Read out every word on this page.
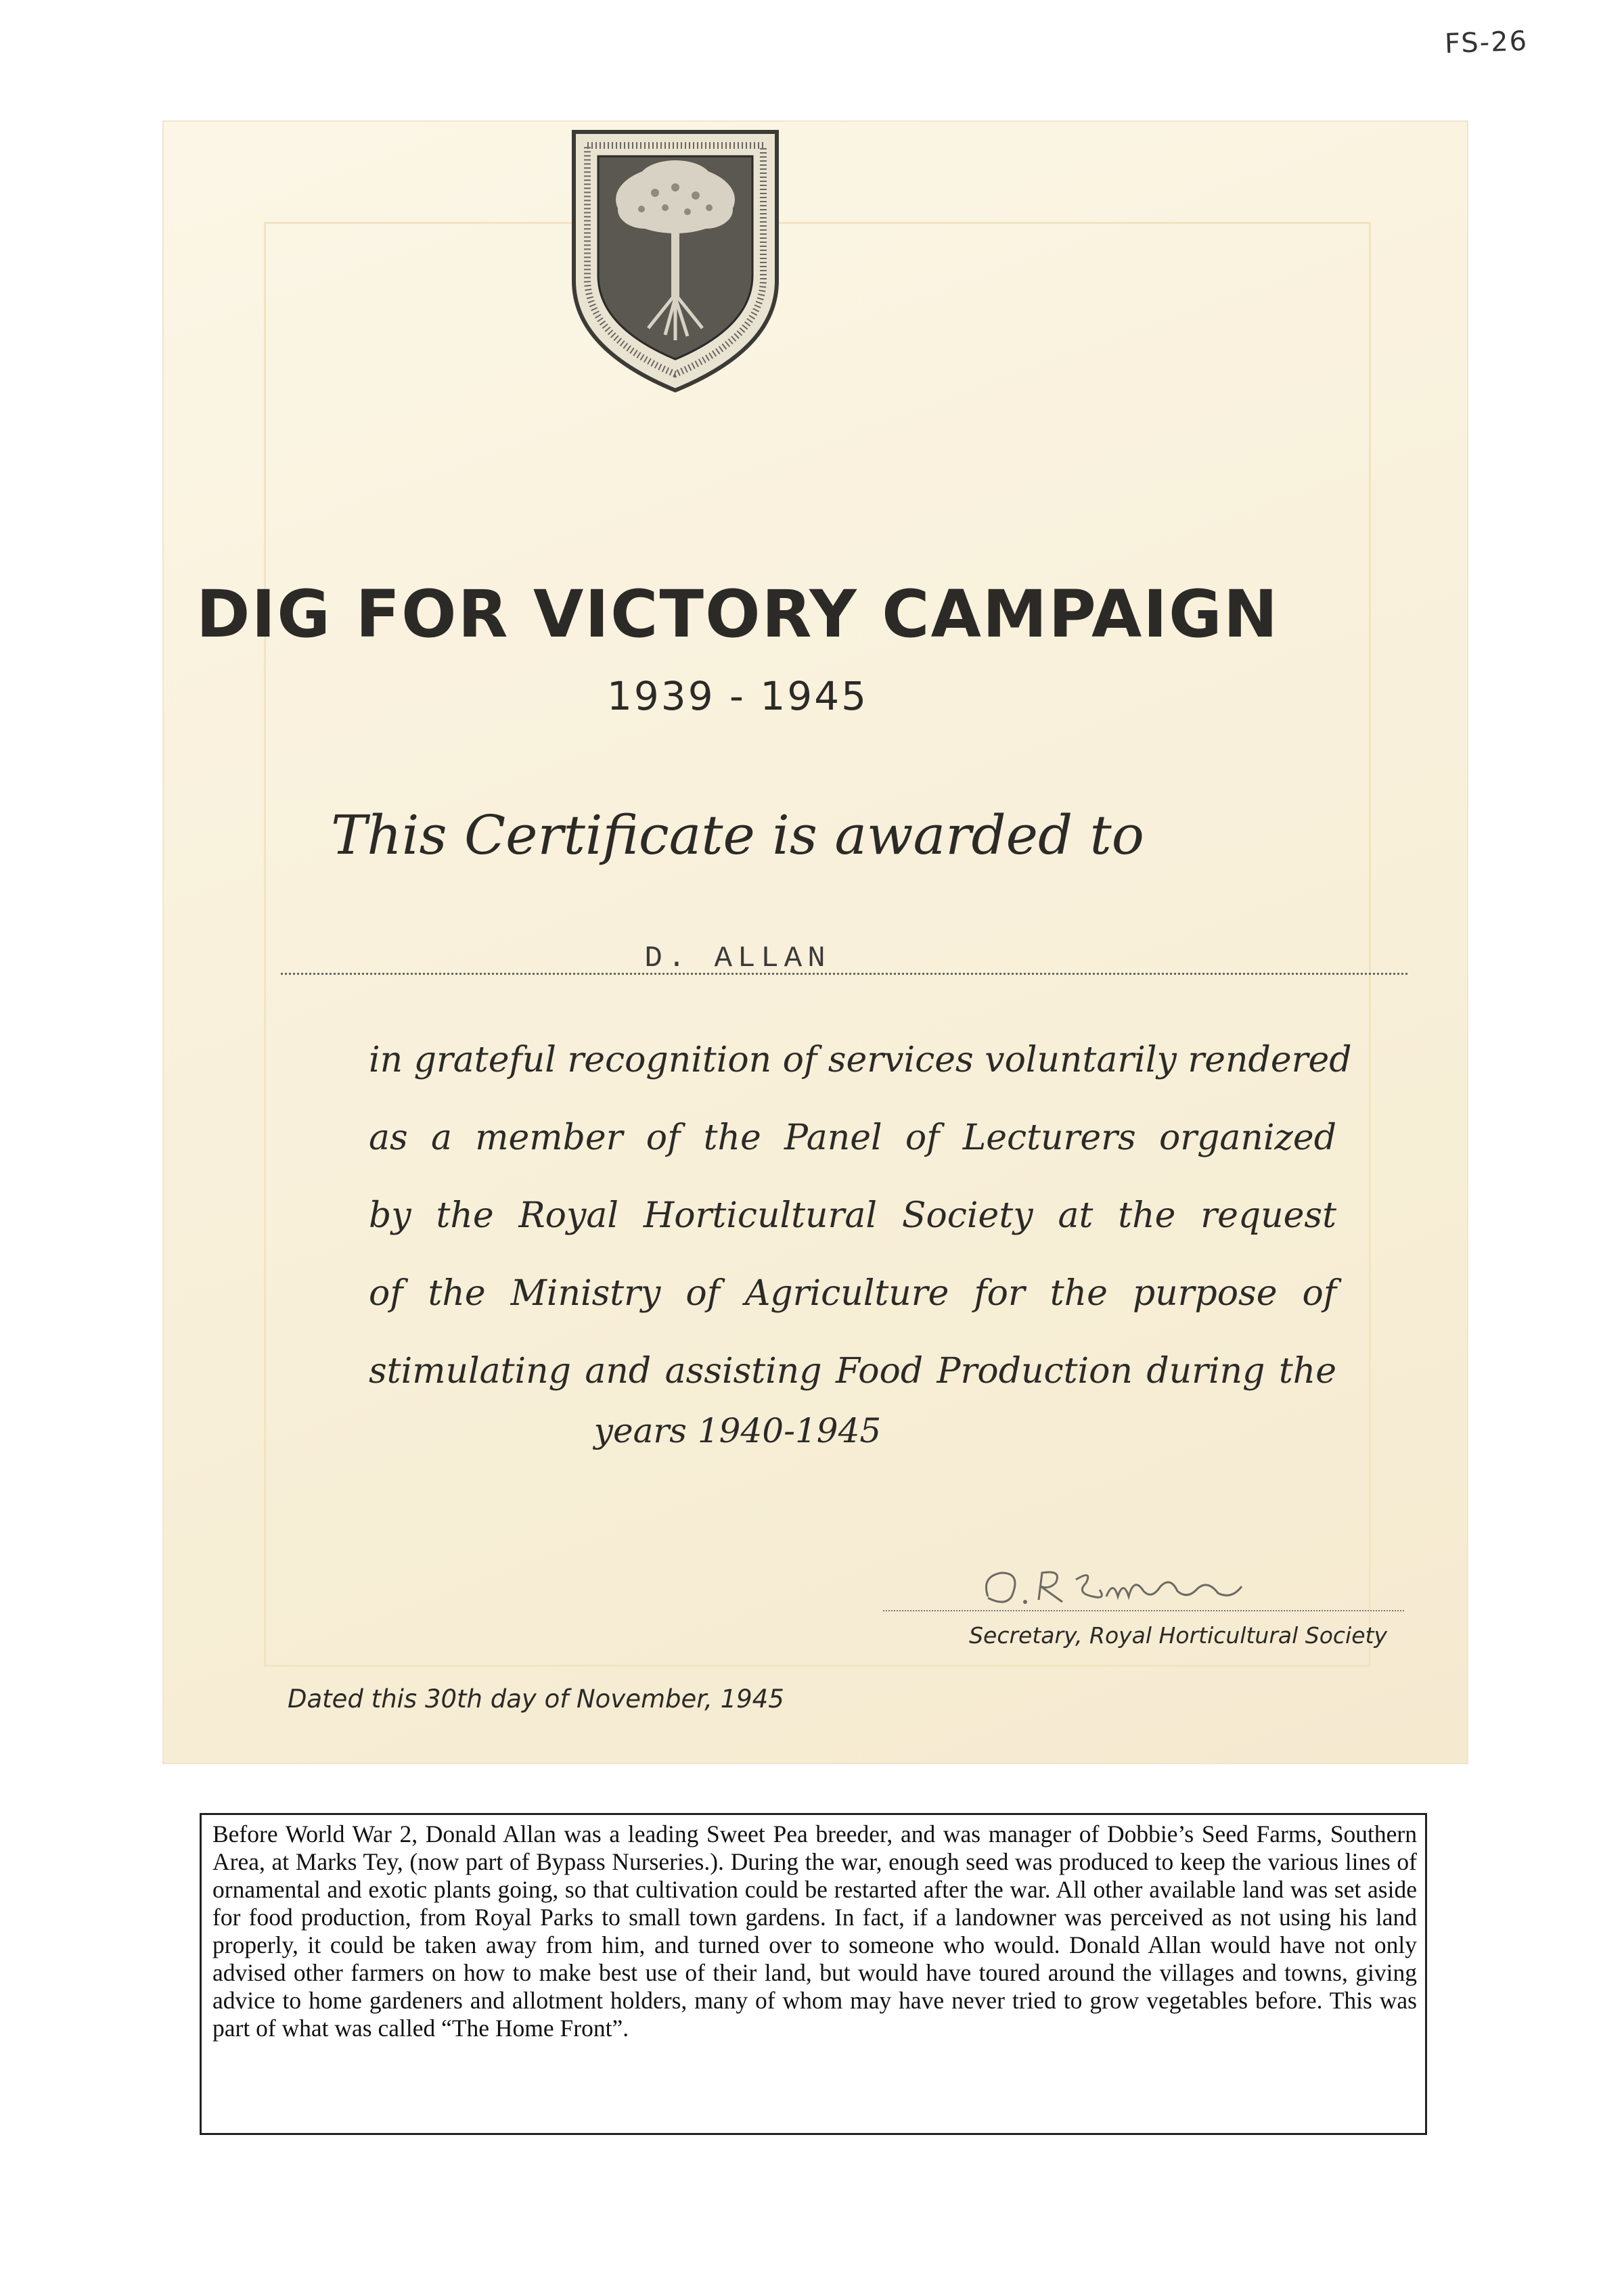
FS-26
DIG FOR VICTORY CAMPAIGN
1939 - 1945
This Certificate is awarded to
D. ALLAN
in grateful recognition of services voluntarily rendered
as a member of the Panel of Lecturers organized
by the Royal Horticultural Society at the request
of the Ministry of Agriculture for the purpose of
stimulating and assisting Food Production during the
years 1940-1945
Secretary, Royal Horticultural Society
Dated this 30th day of November, 1945

Before World War 2, Donald Allan was a leading Sweet Pea breeder, and was manager of Dobbie’s Seed Farms, Southern Area, at Marks Tey, (now part of Bypass Nurseries.). During the war, enough seed was produced to keep the various lines of ornamental and exotic plants going, so that cultivation could be restarted after the war. All other available land was set aside for food production, from Royal Parks to small town gardens. In fact, if a landowner was perceived as not using his land properly, it could be taken away from him, and turned over to someone who would. Donald Allan would have not only advised other farmers on how to make best use of their land, but would have toured around the villages and towns, giving advice to home gardeners and allotment holders, many of whom may have never tried to grow vegetables before. This was part of what was called “The Home Front”.
